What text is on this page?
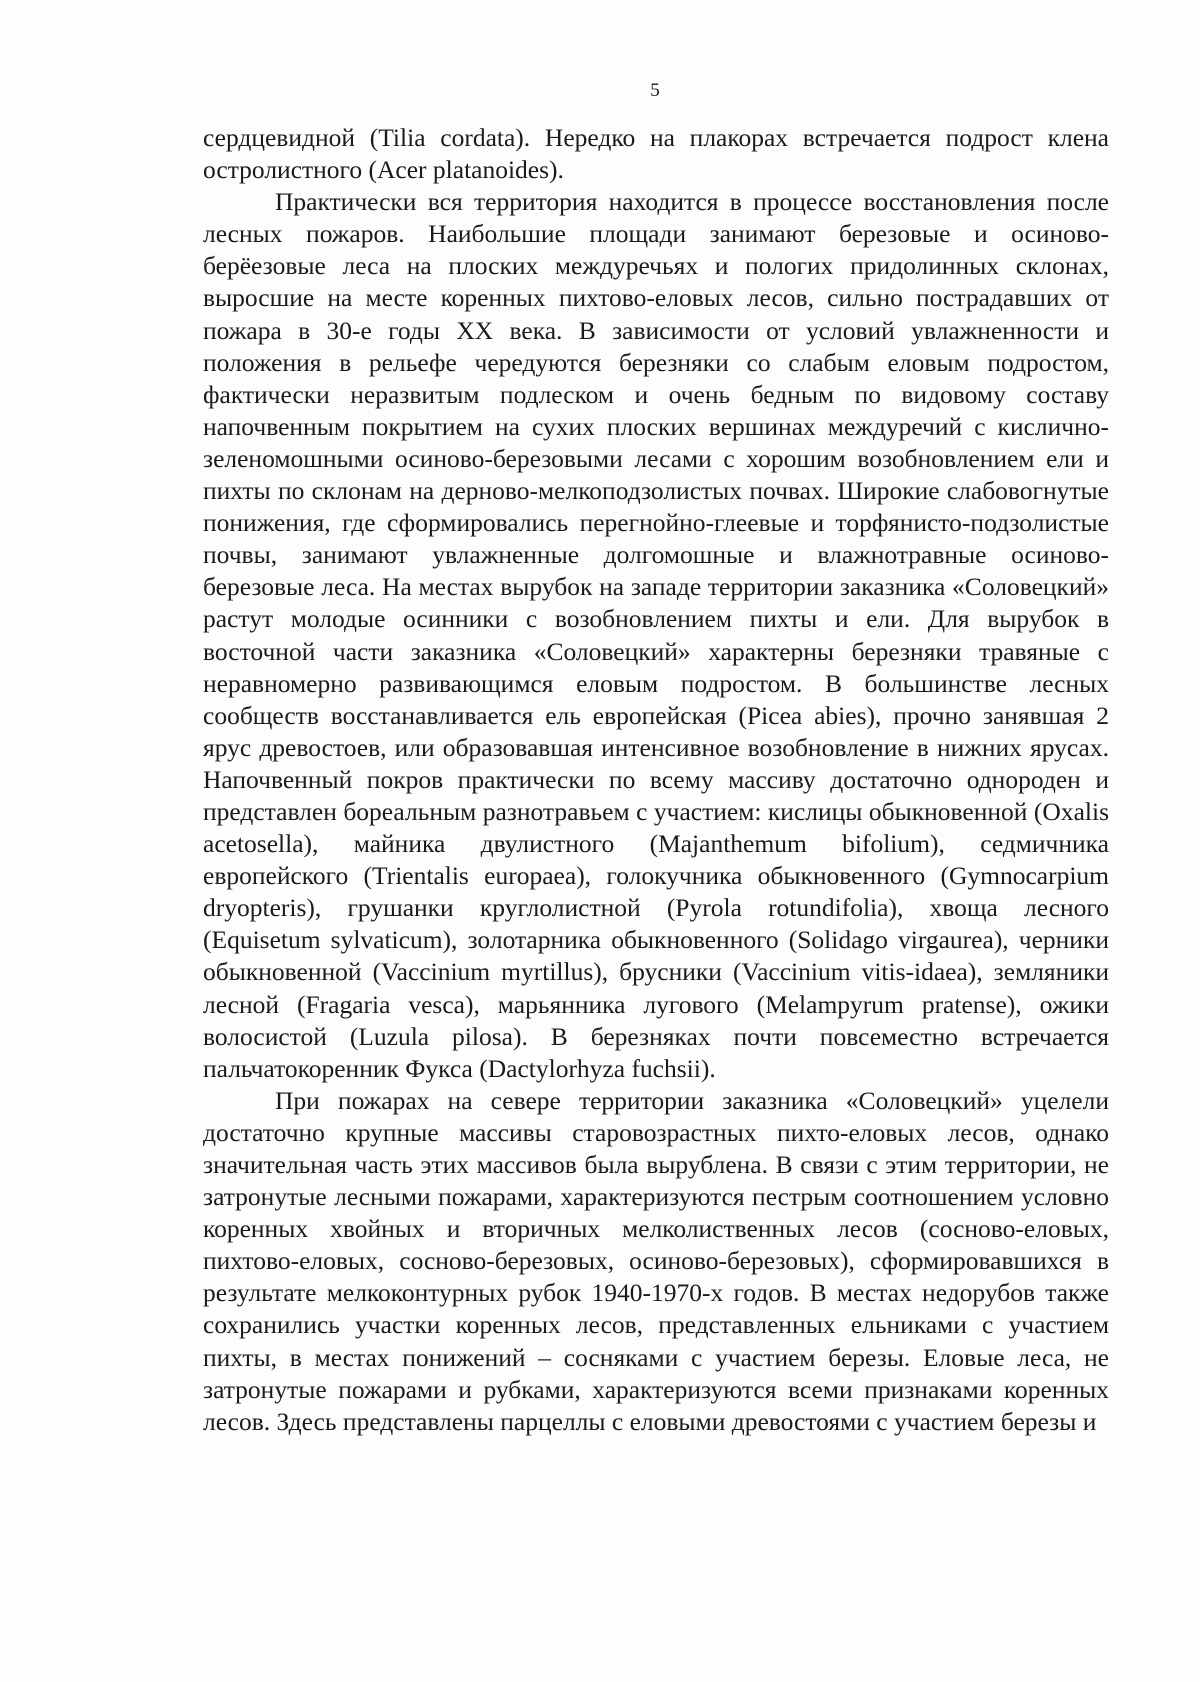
5

сердцевидной (Tilia cordata). Нередко на плакорах встречается подрост клена остролистного (Acer platanoides).

Практически вся территория находится в процессе восстановления после лесных пожаров. Наибольшие площади занимают березовые и осиново-берёезовые леса на плоских междуречьях и пологих придолинных склонах, выросшие на месте коренных пихтово-еловых лесов, сильно пострадавших от пожара в 30-е годы XX века. В зависимости от условий увлажненности и положения в рельефе чередуются березняки со слабым еловым подростом, фактически неразвитым подлеском и очень бедным по видовому составу напочвенным покрытием на сухих плоских вершинах междуречий с кислично-зеленомошными осиново-березовыми лесами с хорошим возобновлением ели и пихты по склонам на дерново-мелкоподзолистых почвах. Широкие слабовогнутые понижения, где сформировались перегнойно-глеевые и торфянисто-подзолистые почвы, занимают увлажненные долгомошные и влажнотравные осиново-березовые леса. На местах вырубок на западе территории заказника «Соловецкий» растут молодые осинники с возобновлением пихты и ели. Для вырубок в восточной части заказника «Соловецкий» характерны березняки травяные с неравномерно развивающимся еловым подростом. В большинстве лесных сообществ восстанавливается ель европейская (Picea abies), прочно занявшая 2 ярус древостоев, или образовавшая интенсивное возобновление в нижних ярусах. Напочвенный покров практически по всему массиву достаточно однороден и представлен бореальным разнотравьем с участием: кислицы обыкновенной (Oxalis acetosella), майника двулистного (Majanthemum bifolium), седмичника европейского (Trientalis europaea), голокучника обыкновенного (Gymnocarpium dryopteris), грушанки круглолистной (Pyrola rotundifolia), хвоща лесного (Equisetum sylvaticum), золотарника обыкновенного (Solidago virgaurea), черники обыкновенной (Vaccinium myrtillus), брусники (Vaccinium vitis-idaea), земляники лесной (Fragaria vesca), марьянника лугового (Melampyrum pratense), ожики волосистой (Luzula pilosa). В березняках почти повсеместно встречается пальчатокоренник Фукса (Dactylorhyza fuchsii).

При пожарах на севере территории заказника «Соловецкий» уцелели достаточно крупные массивы старовозрастных пихто-еловых лесов, однако значительная часть этих массивов была вырублена. В связи с этим территории, не затронутые лесными пожарами, характеризуются пестрым соотношением условно коренных хвойных и вторичных мелколиственных лесов (сосново-еловых, пихтово-еловых, сосново-березовых, осиново-березовых), сформировавшихся в результате мелкоконтурных рубок 1940-1970-х годов. В местах недорубов также сохранились участки коренных лесов, представленных ельниками с участием пихты, в местах понижений – сосняками с участием березы. Еловые леса, не затронутые пожарами и рубками, характеризуются всеми признаками коренных лесов. Здесь представлены парцеллы с еловыми древостоями с участием березы и
